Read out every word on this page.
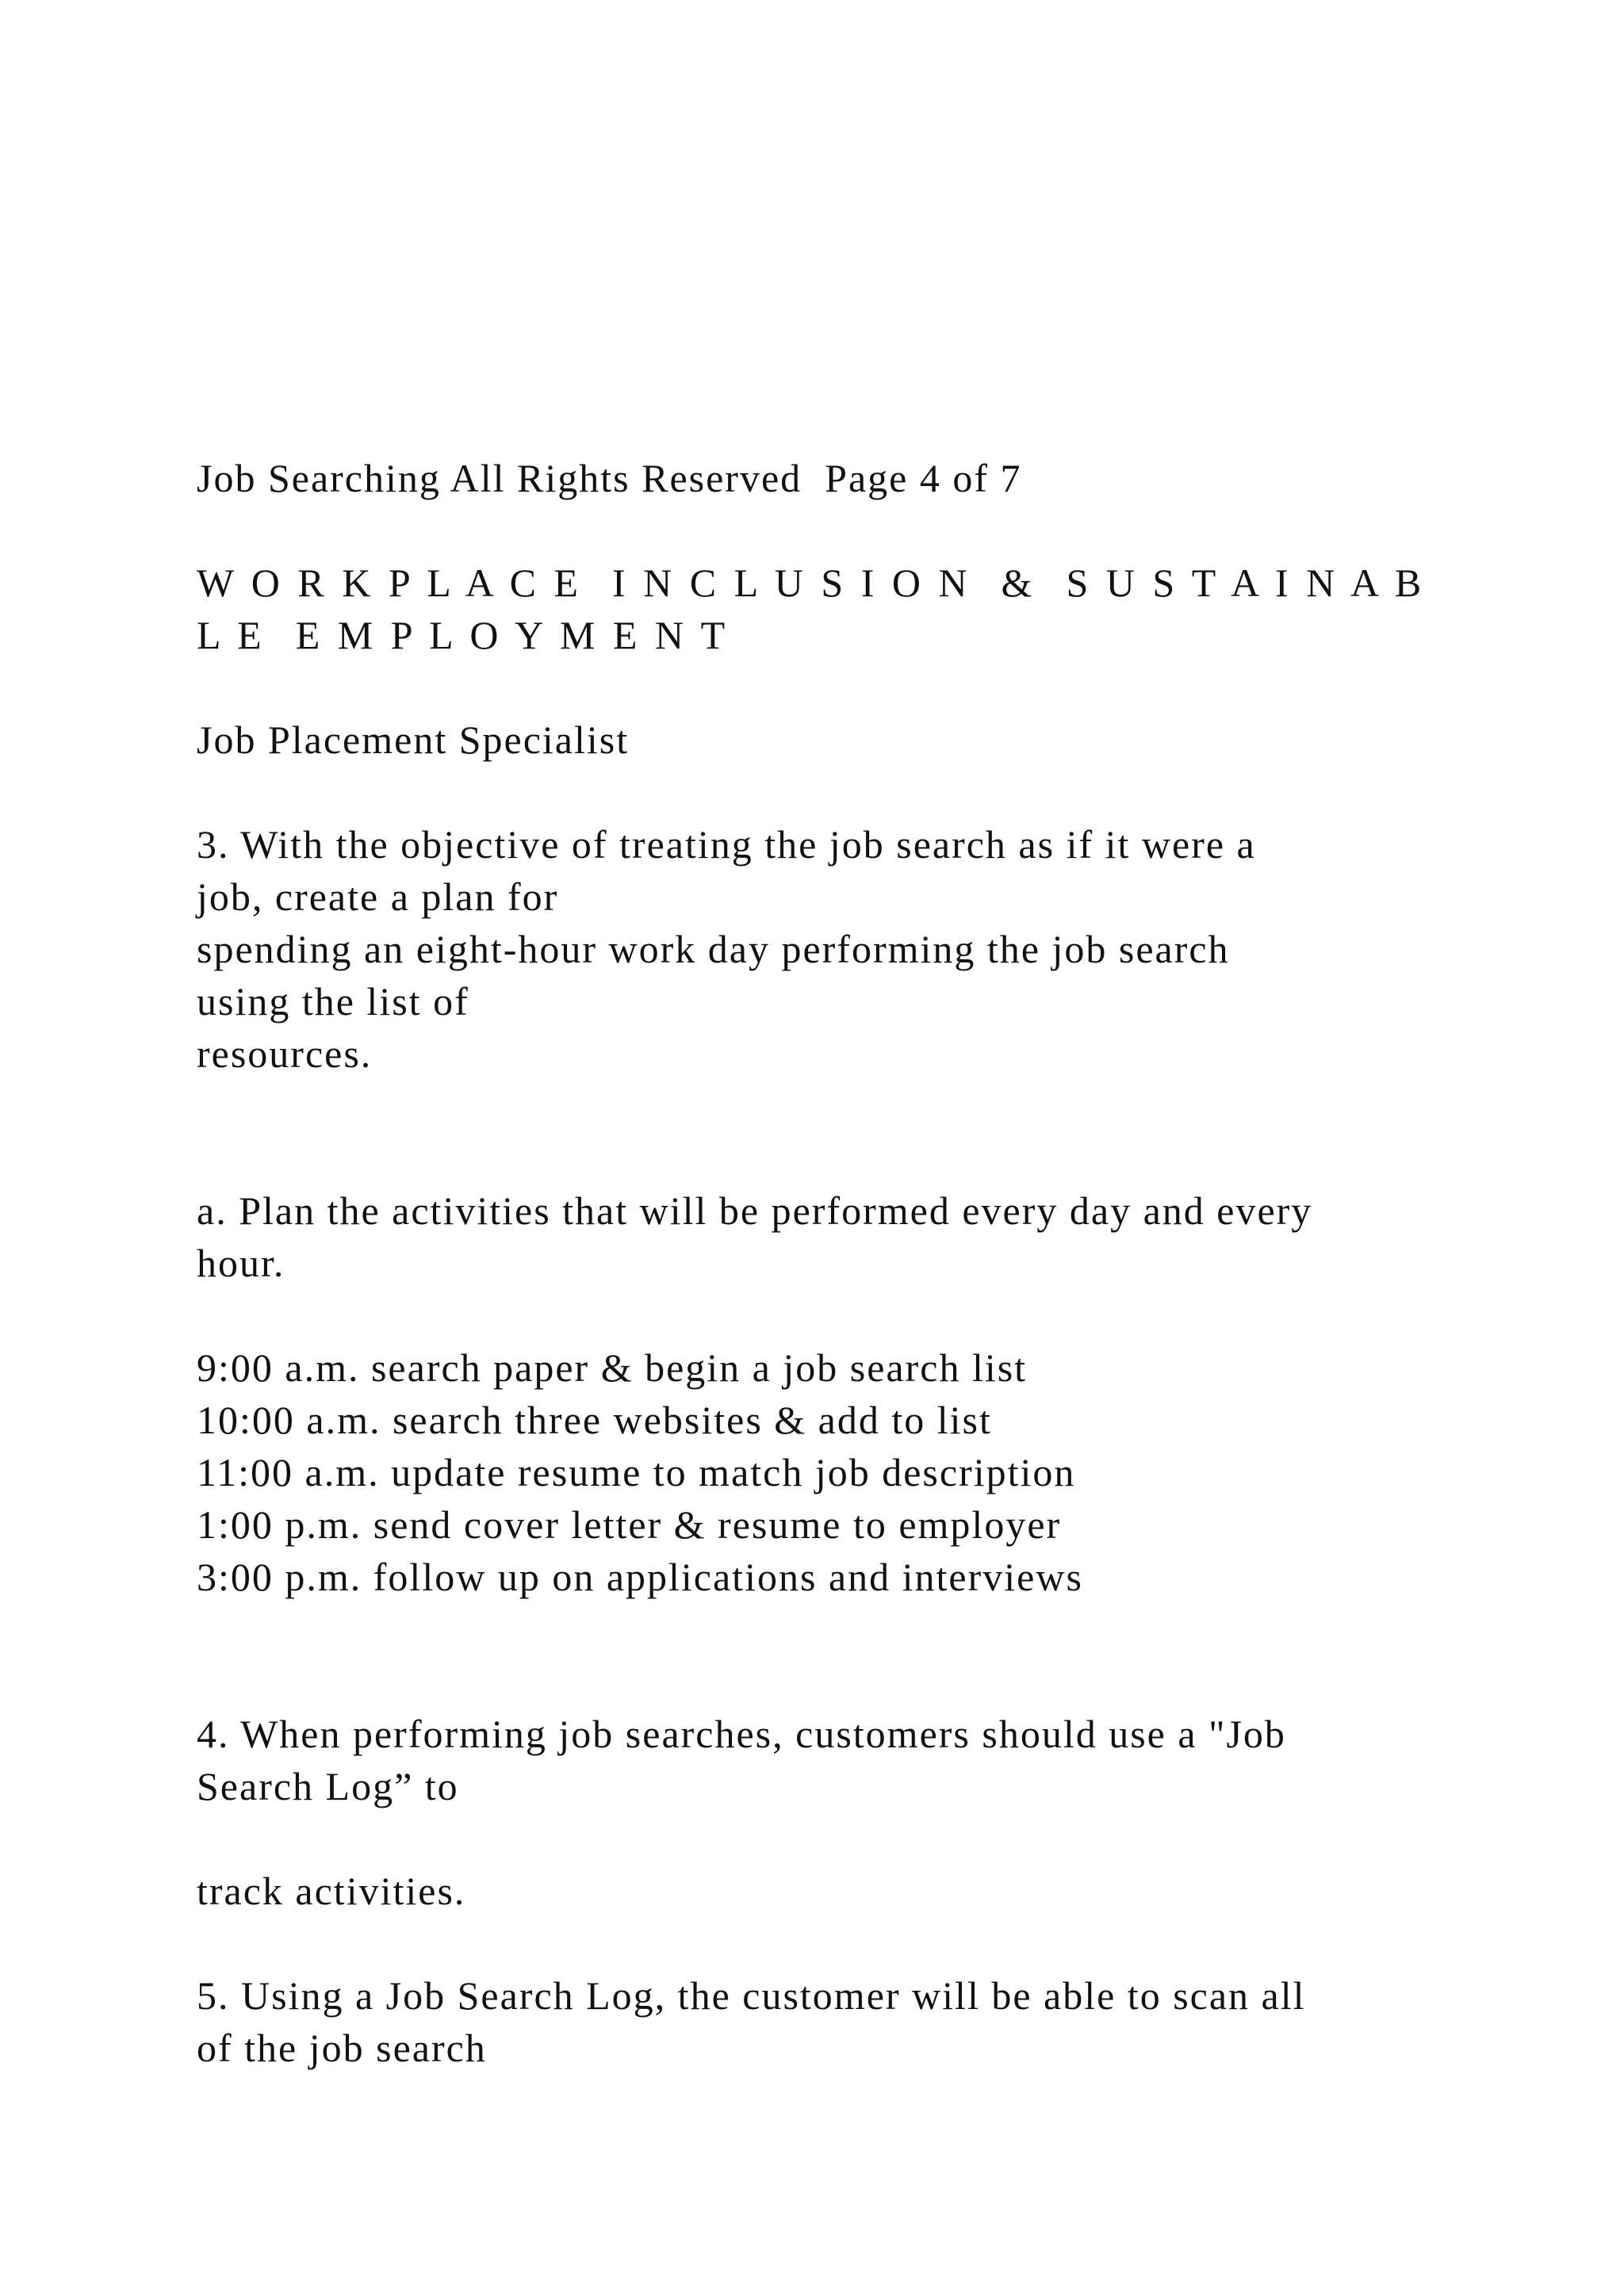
Job Searching All Rights Reserved  Page 4 of 7
W O R K P L A C E  I N C L U S I O N  &  S U S T A I N A B
L E  E M P L O Y M E N T
Job Placement Specialist
3. With the objective of treating the job search as if it were a
job, create a plan for
spending an eight-hour work day performing the job search
using the list of
resources.
a. Plan the activities that will be performed every day and every
hour.
9:00 a.m. search paper & begin a job search list
10:00 a.m. search three websites & add to list
11:00 a.m. update resume to match job description
1:00 p.m. send cover letter & resume to employer
3:00 p.m. follow up on applications and interviews
4. When performing job searches, customers should use a "Job
Search Log” to
track activities.
5. Using a Job Search Log, the customer will be able to scan all
of the job search
